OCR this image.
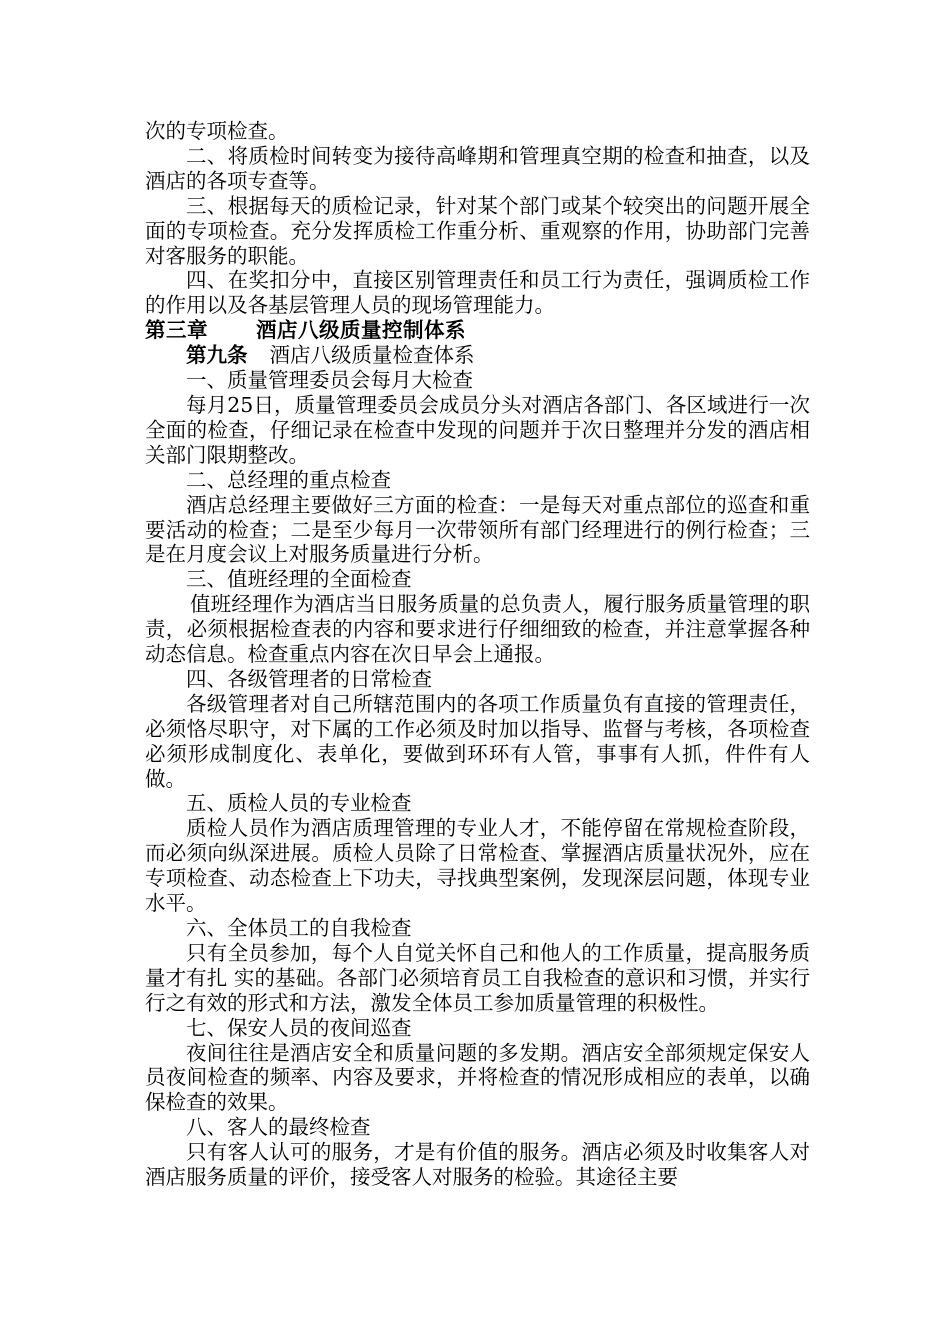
次的专项检查。

二、将质检时间转变为接待高峰期和管理真空期的检查和抽查，以及酒店的各项专查等。

三、根据每天的质检记录，针对某个部门或某个较突出的问题开展全面的专项检查。充分发挥质检工作重分析、重观察的作用，协助部门完善对客服务的职能。

四、在奖扣分中，直接区别管理责任和员工行为责任，强调质检工作的作用以及各基层管理人员的现场管理能力。

第三章 酒店八级质量控制体系

第九条 酒店八级质量检查体系

一、质量管理委员会每月大检查

每月25日，质量管理委员会成员分头对酒店各部门、各区域进行一次全面的检查，仔细记录在检查中发现的问题并于次日整理并分发的酒店相关部门限期整改。

二、总经理的重点检查

酒店总经理主要做好三方面的检查：一是每天对重点部位的巡查和重要活动的检查；二是至少每月一次带领所有部门经理进行的例行检查；三是在月度会议上对服务质量进行分析。

三、值班经理的全面检查

值班经理作为酒店当日服务质量的总负责人，履行服务质量管理的职责，必须根据检查表的内容和要求进行仔细细致的检查，并注意掌握各种动态信息。检查重点内容在次日早会上通报。

四、各级管理者的日常检查

各级管理者对自己所辖范围内的各项工作质量负有直接的管理责任，必须恪尽职守，对下属的工作必须及时加以指导、监督与考核，各项检查必须形成制度化、表单化，要做到环环有人管，事事有人抓，件件有人做。

五、质检人员的专业检查

质检人员作为酒店质理管理的专业人才，不能停留在常规检查阶段，而必须向纵深进展。质检人员除了日常检查、掌握酒店质量状况外，应在专项检查、动态检查上下功夫，寻找典型案例，发现深层问题，体现专业水平。

六、全体员工的自我检查

只有全员参加，每个人自觉关怀自己和他人的工作质量，提高服务质量才有扎 实的基础。各部门必须培育员工自我检查的意识和习惯，并实行行之有效的形式和方法，激发全体员工参加质量管理的积极性。

七、保安人员的夜间巡查

夜间往往是酒店安全和质量问题的多发期。酒店安全部须规定保安人员夜间检查的频率、内容及要求，并将检查的情况形成相应的表单，以确保检查的效果。

八、客人的最终检查

只有客人认可的服务，才是有价值的服务。酒店必须及时收集客人对酒店服务质量的评价，接受客人对服务的检验。其途径主要
